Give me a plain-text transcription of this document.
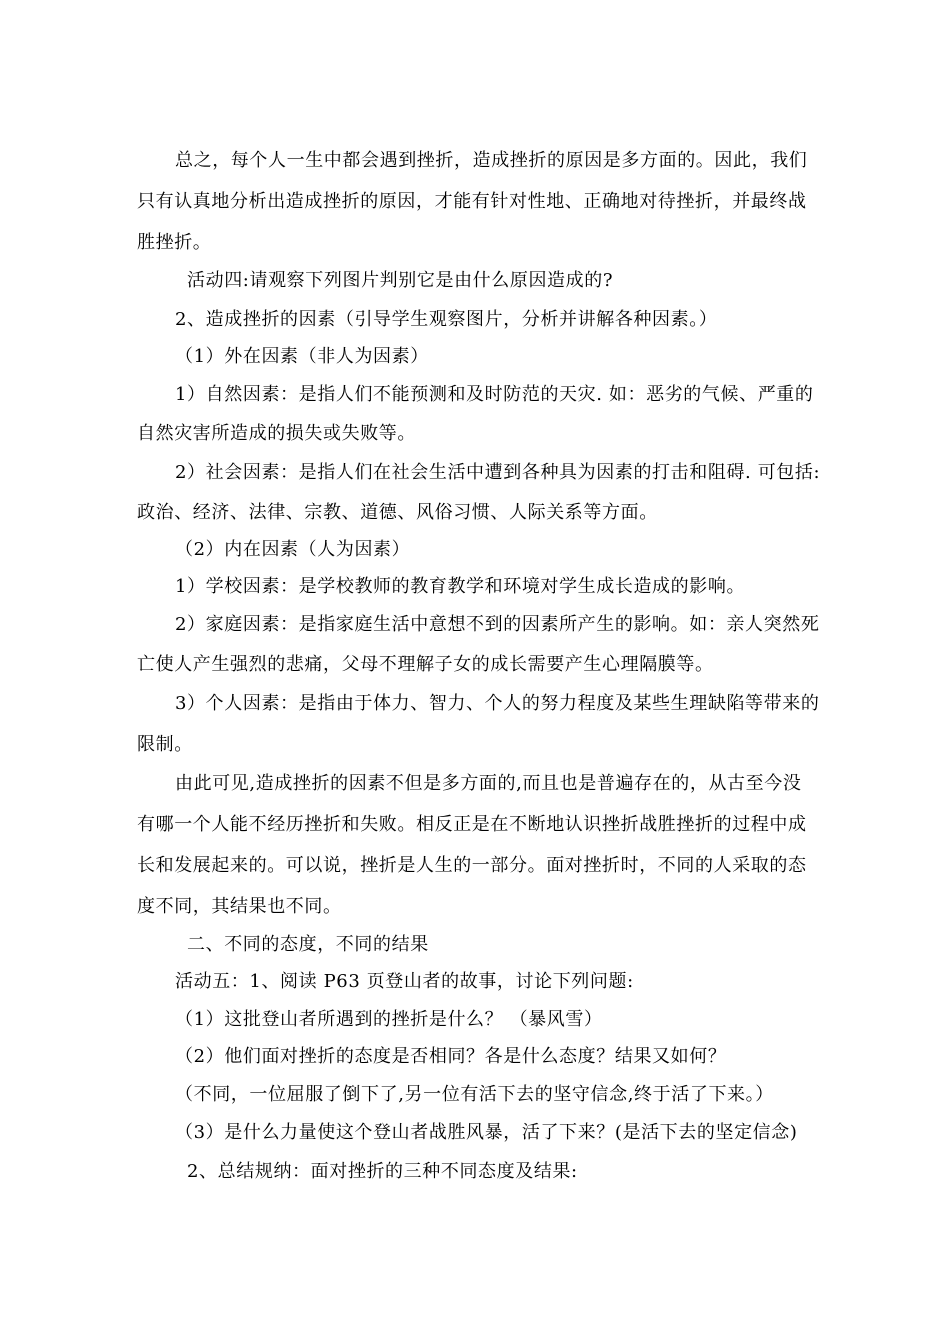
总之，每个人一生中都会遇到挫折，造成挫折的原因是多方面的。因此，我们
只有认真地分析出造成挫折的原因，才能有针对性地、正确地对待挫折，并最终战
胜挫折。
活动四:请观察下列图片判别它是由什么原因造成的?
2、造成挫折的因素（引导学生观察图片，分析并讲解各种因素。）
（1）外在因素（非人为因素）
1）自然因素：是指人们不能预测和及时防范的天灾. 如：恶劣的气候、严重的
自然灾害所造成的损失或失败等。
2）社会因素：是指人们在社会生活中遭到各种具为因素的打击和阻碍. 可包括:
政治、经济、法律、宗教、道德、风俗习惯、人际关系等方面。
（2）内在因素（人为因素）
1）学校因素：是学校教师的教育教学和环境对学生成长造成的影响。
2）家庭因素：是指家庭生活中意想不到的因素所产生的影响。如：亲人突然死
亡使人产生强烈的悲痛，父母不理解子女的成长需要产生心理隔膜等。
3）个人因素：是指由于体力、智力、个人的努力程度及某些生理缺陷等带来的
限制。
由此可见,造成挫折的因素不但是多方面的,而且也是普遍存在的，从古至今没
有哪一个人能不经历挫折和失败。相反正是在不断地认识挫折战胜挫折的过程中成
长和发展起来的。可以说，挫折是人生的一部分。面对挫折时，不同的人采取的态
度不同，其结果也不同。
二、不同的态度，不同的结果
活动五：1、阅读 P63 页登山者的故事，讨论下列问题:
（1）这批登山者所遇到的挫折是什么？ （暴风雪）
（2）他们面对挫折的态度是否相同？各是什么态度？结果又如何？
（不同，一位屈服了倒下了,另一位有活下去的坚守信念,终于活了下来。）
（3）是什么力量使这个登山者战胜风暴，活了下来？(是活下去的坚定信念)
2、总结规纳：面对挫折的三种不同态度及结果:
